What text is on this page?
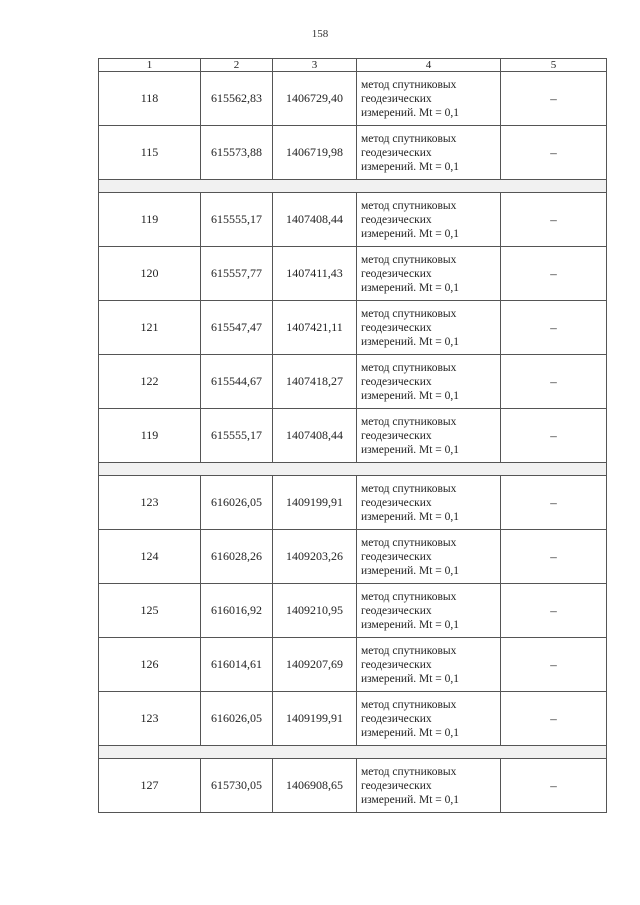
158
1	2	3	4	5
118	615562,83	1406729,40	метод спутниковых
геодезических
измерений. Mt = 0,1	–
115	615573,88	1406719,98	метод спутниковых
геодезических
измерений. Mt = 0,1	–

119	615555,17	1407408,44	метод спутниковых
геодезических
измерений. Mt = 0,1	–
120	615557,77	1407411,43	метод спутниковых
геодезических
измерений. Mt = 0,1	–
121	615547,47	1407421,11	метод спутниковых
геодезических
измерений. Mt = 0,1	–
122	615544,67	1407418,27	метод спутниковых
геодезических
измерений. Mt = 0,1	–
119	615555,17	1407408,44	метод спутниковых
геодезических
измерений. Mt = 0,1	–

123	616026,05	1409199,91	метод спутниковых
геодезических
измерений. Mt = 0,1	–
124	616028,26	1409203,26	метод спутниковых
геодезических
измерений. Mt = 0,1	–
125	616016,92	1409210,95	метод спутниковых
геодезических
измерений. Mt = 0,1	–
126	616014,61	1409207,69	метод спутниковых
геодезических
измерений. Mt = 0,1	–
123	616026,05	1409199,91	метод спутниковых
геодезических
измерений. Mt = 0,1	–

127	615730,05	1406908,65	метод спутниковых
геодезических
измерений. Mt = 0,1	–
